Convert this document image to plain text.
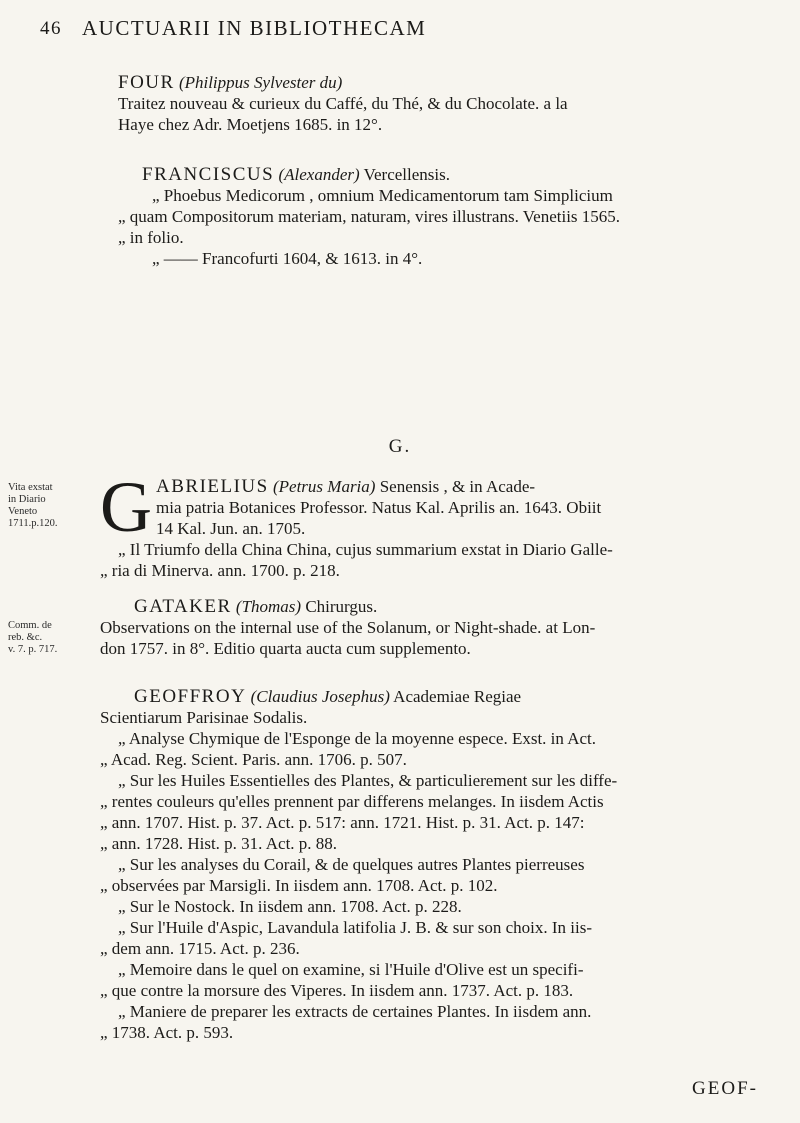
46 AUCTUARII IN BIBLIOTHECAM
FOUR (Philippus Sylvester du)
Traitez nouveau & curieux du Caffé, du Thé, & du Chocolate. a la
Haye chez Adr. Moetjens 1685. in 12°.
FRANCISCUS (Alexander) Vercellensis.
„ Phoebus Medicorum , omnium Medicamentorum tam Simplicium
„ quam Compositorum materiam, naturam, vires illustrans. Venetiis 1565.
„ in folio.
„ —— Francofurti 1604, & 1613. in 4°.
G.
Vita exstat
in Diario
Veneto
1711.p.120. G ABRIELIUS (Petrus Maria) Senensis , & in Acade-
mia patria Botanices Professor. Natus Kal. Aprilis an. 1643. Obiit
14 Kal. Jun. an. 1705.
„ Il Triumfo della China China, cujus summarium exstat in Diario Galle-
„ ria di Minerva. ann. 1700. p. 218.
Comm. de
reb. &c.
v. 7. p. 717.
GATAKER (Thomas) Chirurgus.
Observations on the internal use of the Solanum, or Night-shade. at Lon-
don 1757. in 8°. Editio quarta aucta cum supplemento.
GEOFFROY (Claudius Josephus) Academiae Regiae
Scientiarum Parisinae Sodalis.
„ Analyse Chymique de l'Esponge de la moyenne espece. Exst. in Act.
„ Acad. Reg. Scient. Paris. ann. 1706. p. 507.
„ Sur les Huiles Essentielles des Plantes, & particulierement sur les diffe-
„ rentes couleurs qu'elles prennent par differens melanges. In iisdem Actis
„ ann. 1707. Hist. p. 37. Act. p. 517: ann. 1721. Hist. p. 31. Act. p. 147:
„ ann. 1728. Hist. p. 31. Act. p. 88.
„ Sur les analyses du Corail, & de quelques autres Plantes pierreuses
„ observées par Marsigli. In iisdem ann. 1708. Act. p. 102.
„ Sur le Nostock. In iisdem ann. 1708. Act. p. 228.
„ Sur l'Huile d'Aspic, Lavandula latifolia J. B. & sur son choix. In iis-
„ dem ann. 1715. Act. p. 236.
„ Memoire dans le quel on examine, si l'Huile d'Olive est un specifi-
„ que contre la morsure des Viperes. In iisdem ann. 1737. Act. p. 183.
„ Maniere de preparer les extracts de certaines Plantes. In iisdem ann.
„ 1738. Act. p. 593.
GEOF-
